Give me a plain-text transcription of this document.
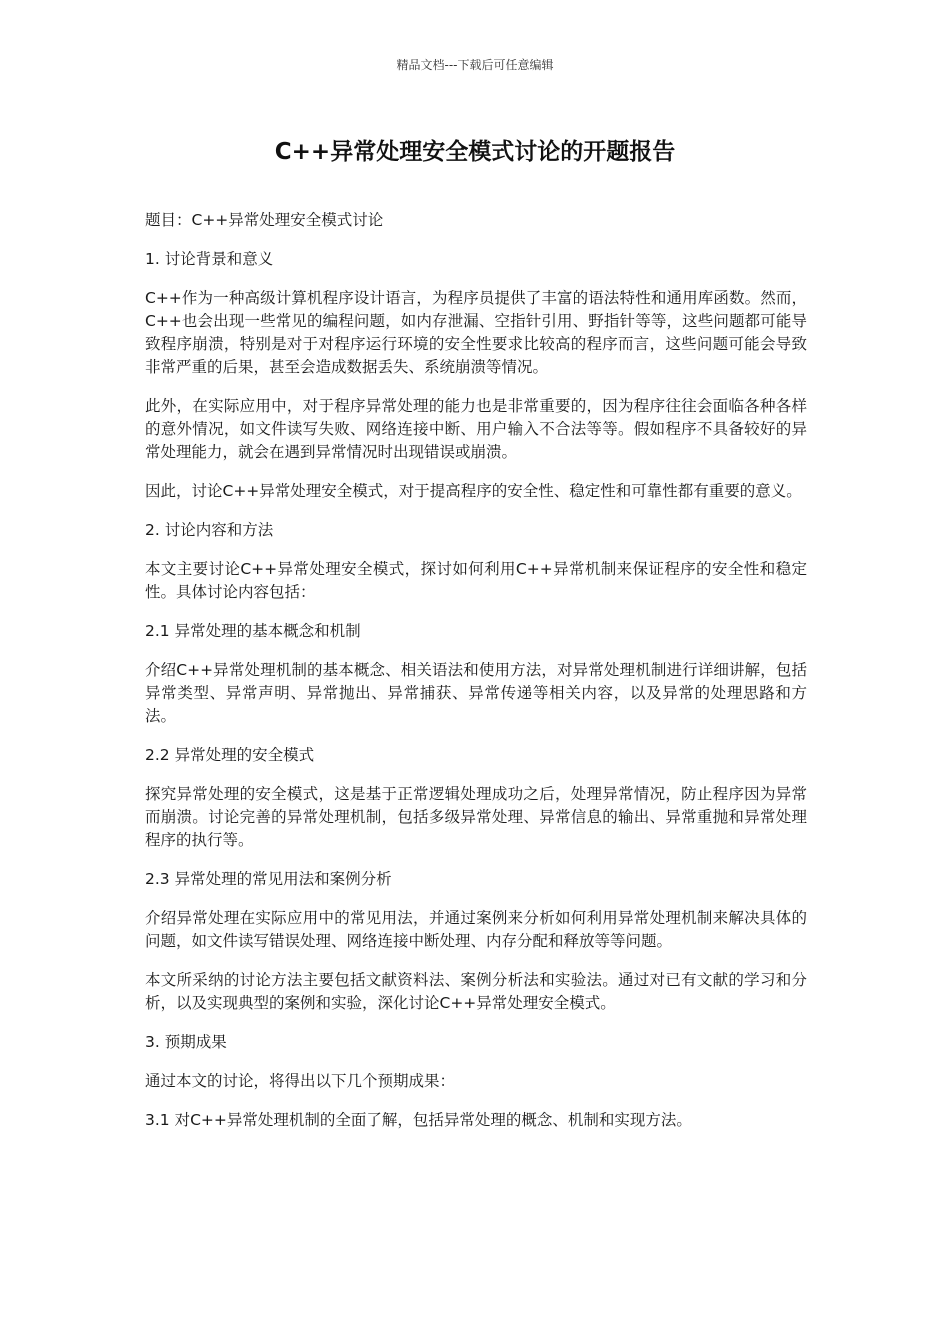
精品文档---下载后可任意编辑
C++异常处理安全模式讨论的开题报告

题目：C++异常处理安全模式讨论

1. 讨论背景和意义

C++作为一种高级计算机程序设计语言，为程序员提供了丰富的语法特性和通用库函数。然而，C++也会出现一些常见的编程问题，如内存泄漏、空指针引用、野指针等等，这些问题都可能导致程序崩溃，特别是对于对程序运行环境的安全性要求比较高的程序而言，这些问题可能会导致非常严重的后果，甚至会造成数据丢失、系统崩溃等情况。

此外，在实际应用中，对于程序异常处理的能力也是非常重要的，因为程序往往会面临各种各样的意外情况，如文件读写失败、网络连接中断、用户输入不合法等等。假如程序不具备较好的异常处理能力，就会在遇到异常情况时出现错误或崩溃。

因此，讨论C++异常处理安全模式，对于提高程序的安全性、稳定性和可靠性都有重要的意义。

2. 讨论内容和方法

本文主要讨论C++异常处理安全模式，探讨如何利用C++异常机制来保证程序的安全性和稳定性。具体讨论内容包括：

2.1 异常处理的基本概念和机制

介绍C++异常处理机制的基本概念、相关语法和使用方法，对异常处理机制进行详细讲解，包括异常类型、异常声明、异常抛出、异常捕获、异常传递等相关内容，以及异常的处理思路和方法。

2.2 异常处理的安全模式

探究异常处理的安全模式，这是基于正常逻辑处理成功之后，处理异常情况，防止程序因为异常而崩溃。讨论完善的异常处理机制，包括多级异常处理、异常信息的输出、异常重抛和异常处理程序的执行等。

2.3 异常处理的常见用法和案例分析

介绍异常处理在实际应用中的常见用法，并通过案例来分析如何利用异常处理机制来解决具体的问题，如文件读写错误处理、网络连接中断处理、内存分配和释放等等问题。

本文所采纳的讨论方法主要包括文献资料法、案例分析法和实验法。通过对已有文献的学习和分析，以及实现典型的案例和实验，深化讨论C++异常处理安全模式。

3. 预期成果

通过本文的讨论，将得出以下几个预期成果：

3.1 对C++异常处理机制的全面了解，包括异常处理的概念、机制和实现方法。
